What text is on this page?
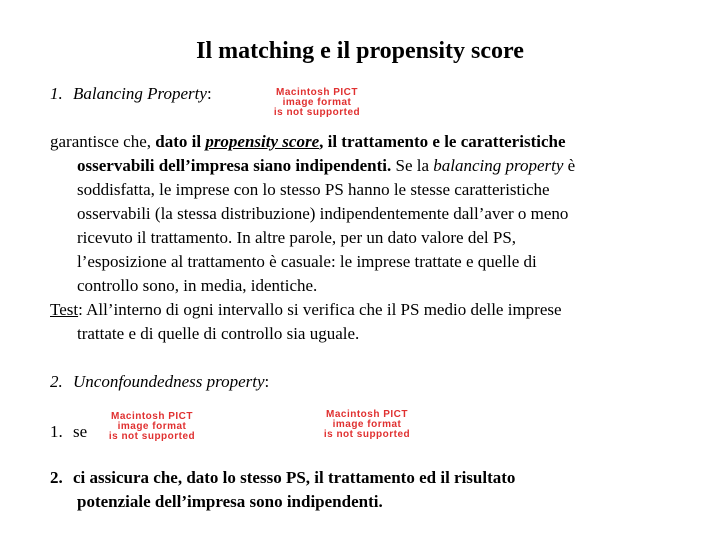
Il matching e il propensity score
1. Balancing Property:	Macintosh PICT
image format
is not supported
garantisce che, dato il propensity score, il trattamento e le caratteristiche
osservabili dell’impresa siano indipendenti. Se la balancing property è
soddisfatta, le imprese con lo stesso PS hanno le stesse caratteristiche
osservabili (la stessa distribuzione) indipendentemente dall’aver o meno
ricevuto il trattamento. In altre parole, per un dato valore del PS,
l’esposizione al trattamento è casuale: le imprese trattate e quelle di
controllo sono, in media, identiche.
Test: All’interno di ogni intervallo si verifica che il PS medio delle imprese
trattate e di quelle di controllo sia uguale.
2. Unconfoundedness property:
Macintosh PICT
image format
is not supported
Macintosh PICT
image format
is not supported
1. se
2. ci assicura che, dato lo stesso PS, il trattamento ed il risultato
potenziale dell’impresa sono indipendenti.
